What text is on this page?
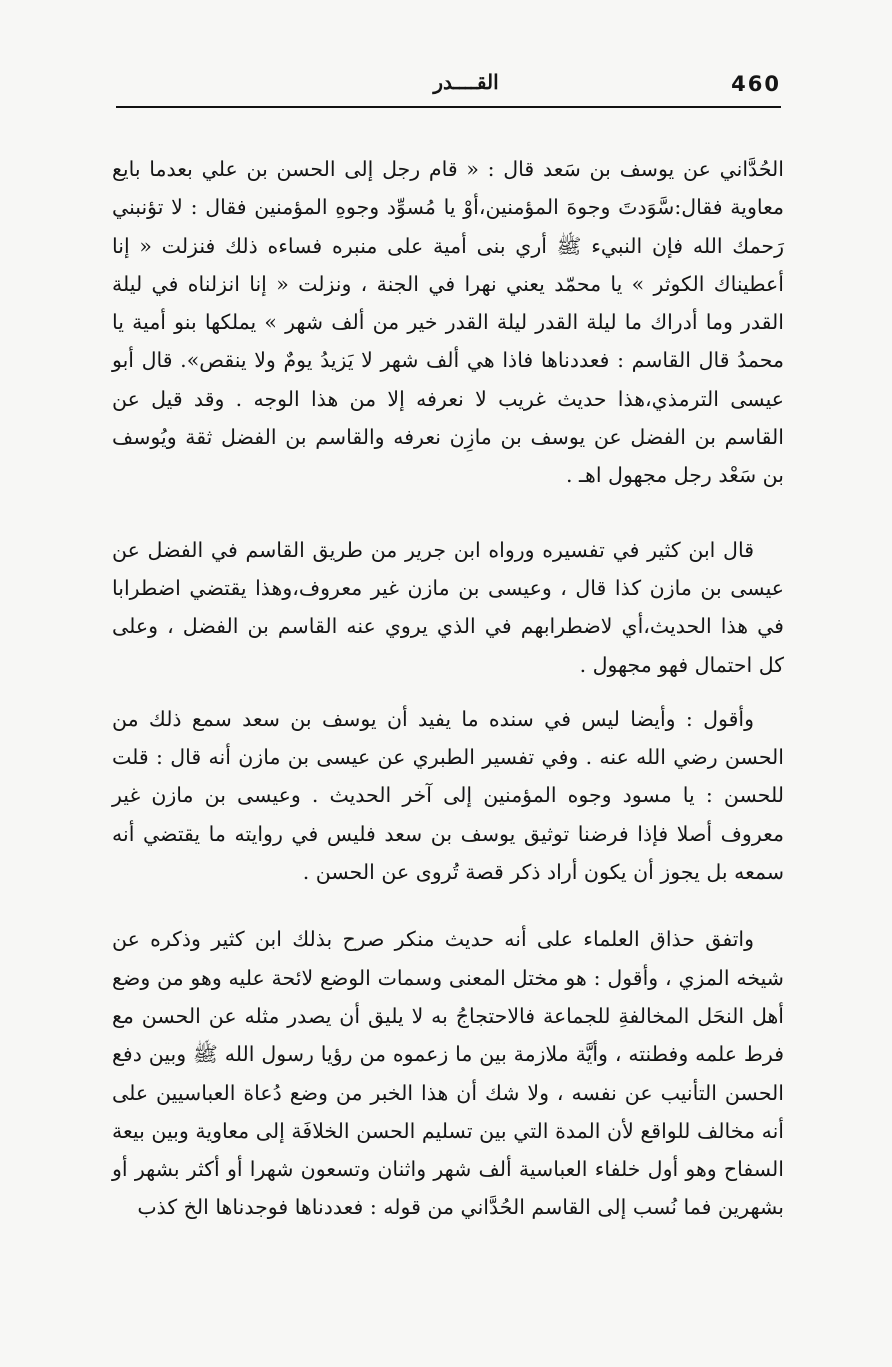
460
القــــدر

الحُدَّاني عن يوسف بن سَعد قال : « قام رجل إلى الحسن بن علي بعدما بايع معاوية فقال:سَّوَدتَ وجوهَ المؤمنين،أوْ يا مُسوِّد وجوهِ المؤمنين فقال : لا تؤنبني رَحمك الله فإن النبيء ﷺ أري بنى أمية على منبره فساءه ذلك فنزلت « إنا أعطيناك الكوثر » يا محمّد يعني نهرا في الجنة ، ونزلت « إنا انزلناه في ليلة القدر وما أدراك ما ليلة القدر ليلة القدر خير من ألف شهر » يملكها بنو أمية يا محمدُ قال القاسم : فعددناها فاذا هي ألف شهر لا يَزيدُ يومٌ ولا ينقص». قال أبو عيسى الترمذي،هذا حديث غريب لا نعرفه إلا من هذا الوجه . وقد قيل عن القاسم بن الفضل عن يوسف بن مازِن نعرفه والقاسم بن الفضل ثقة ويُوسف بن سَعْد رجل مجهول اهـ .

قال ابن كثير في تفسيره ورواه ابن جرير من طريق القاسم في الفضل عن عيسى بن مازن كذا قال ، وعيسى بن مازن غير معروف،وهذا يقتضي اضطرابا في هذا الحديث،أي لاضطرابهم في الذي يروي عنه القاسم بن الفضل ، وعلى كل احتمال فهو مجهول .

وأقول : وأيضا ليس في سنده ما يفيد أن يوسف بن سعد سمع ذلك من الحسن رضي الله عنه . وفي تفسير الطبري عن عيسى بن مازن أنه قال : قلت للحسن : يا مسود وجوه المؤمنين إلى آخر الحديث . وعيسى بن مازن غير معروف أصلا فإذا فرضنا توثيق يوسف بن سعد فليس في روايته ما يقتضي أنه سمعه بل يجوز أن يكون أراد ذكر قصة تُروى عن الحسن .

واتفق حذاق العلماء على أنه حديث منكر صرح بذلك ابن كثير وذكره عن شيخه المزي ، وأقول : هو مختل المعنى وسمات الوضع لائحة عليه وهو من وضع أهل النحَل المخالفةِ للجماعة فالاحتجاجُ به لا يليق أن يصدر مثله عن الحسن مع فرط علمه وفطنته ، وأيَّة ملازمة بين ما زعموه من رؤيا رسول الله ﷺ وبين دفع الحسن التأنيب عن نفسه ، ولا شك أن هذا الخبر من وضع دُعاة العباسيين على أنه مخالف للواقع لأن المدة التي بين تسليم الحسن الخلافَة إلى معاوية وبين بيعة السفاح وهو أول خلفاء العباسية ألف شهر واثنان وتسعون شهرا أو أكثر بشهر أو بشهرين فما نُسب إلى القاسم الحُدَّاني من قوله : فعددناها فوجدناها الخ كذب
